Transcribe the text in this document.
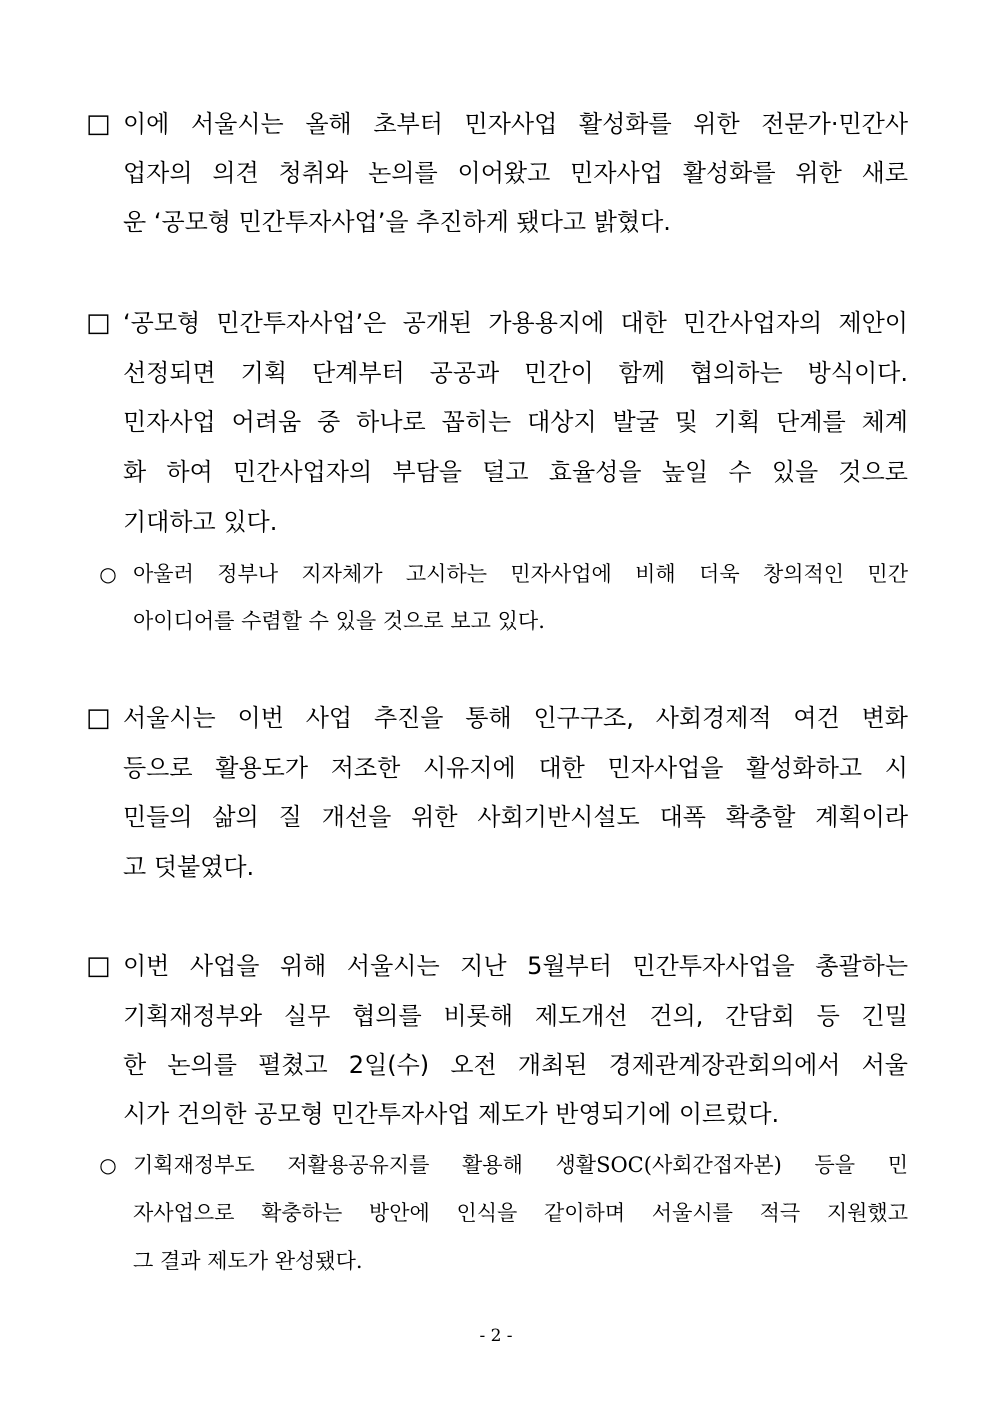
□ 이에 서울시는 올해 초부터 민자사업 활성화를 위한 전문가·민간사
업자의 의견 청취와 논의를 이어왔고 민자사업 활성화를 위한 새로
운 ‘공모형 민간투자사업’을 추진하게 됐다고 밝혔다.
□ ‘공모형 민간투자사업’은 공개된 가용용지에 대한 민간사업자의 제안이
선정되면 기획 단계부터 공공과 민간이 함께 협의하는 방식이다.
민자사업 어려움 중 하나로 꼽히는 대상지 발굴 및 기획 단계를 체계
화 하여 민간사업자의 부담을 덜고 효율성을 높일 수 있을 것으로
기대하고 있다.
○ 아울러 정부나 지자체가 고시하는 민자사업에 비해 더욱 창의적인 민간
아이디어를 수렴할 수 있을 것으로 보고 있다.
□ 서울시는 이번 사업 추진을 통해 인구구조, 사회경제적 여건 변화
등으로 활용도가 저조한 시유지에 대한 민자사업을 활성화하고 시
민들의 삶의 질 개선을 위한 사회기반시설도 대폭 확충할 계획이라
고 덧붙였다.
□ 이번 사업을 위해 서울시는 지난 5월부터 민간투자사업을 총괄하는
기획재정부와 실무 협의를 비롯해 제도개선 건의, 간담회 등 긴밀
한 논의를 펼쳤고 2일(수) 오전 개최된 경제관계장관회의에서 서울
시가 건의한 공모형 민간투자사업 제도가 반영되기에 이르렀다.
○ 기획재정부도 저활용공유지를 활용해 생활SOC(사회간접자본) 등을 민
자사업으로 확충하는 방안에 인식을 같이하며 서울시를 적극 지원했고
그 결과 제도가 완성됐다.
- 2 -
